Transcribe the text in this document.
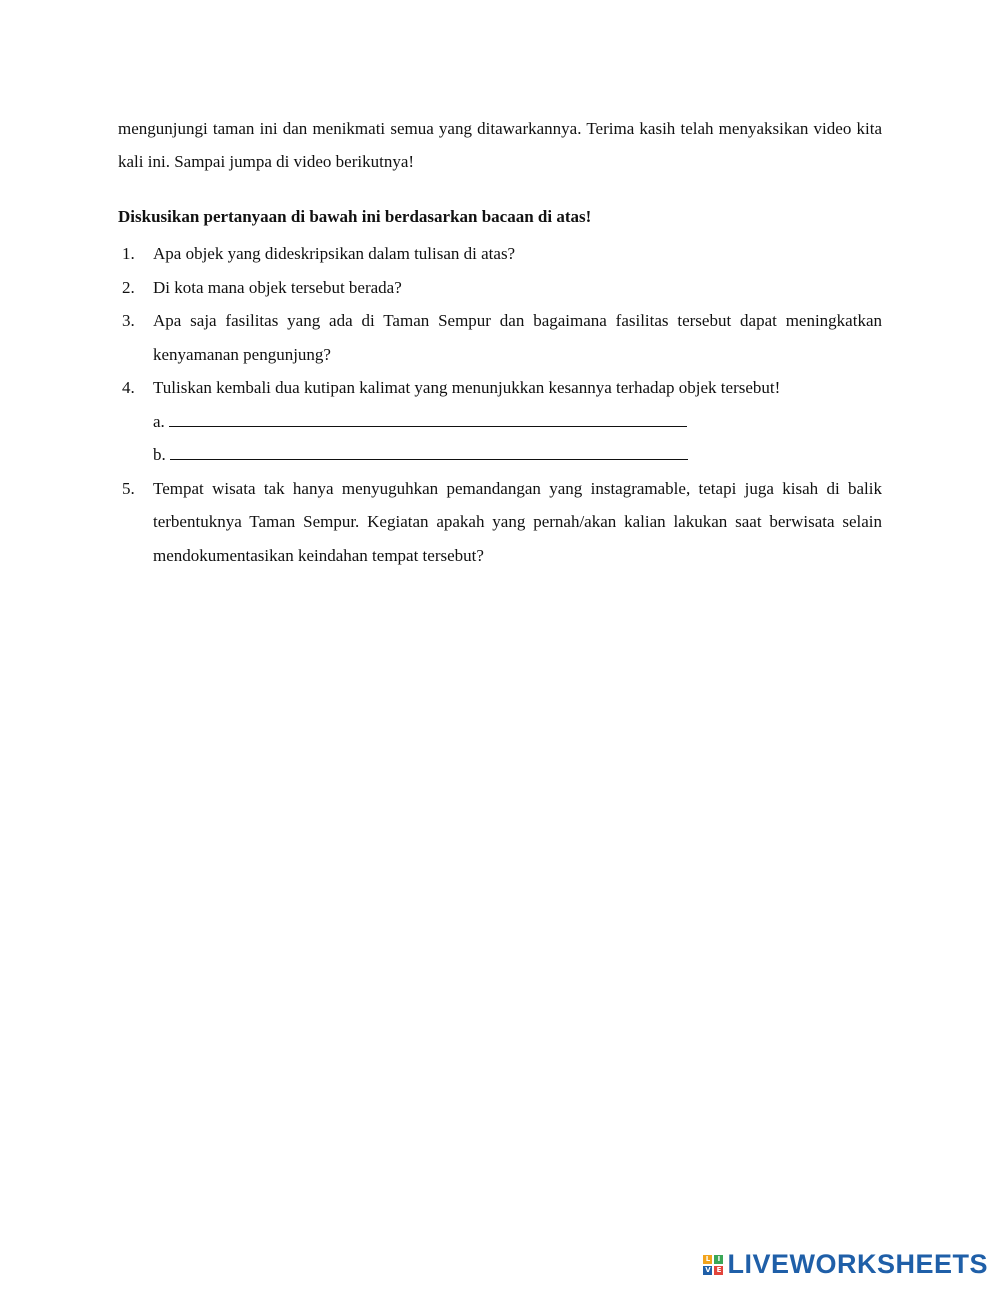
mengunjungi taman ini dan menikmati semua yang ditawarkannya. Terima kasih telah menyaksikan video kita kali ini. Sampai jumpa di video berikutnya!

Diskusikan pertanyaan di bawah ini berdasarkan bacaan di atas!
1. Apa objek yang dideskripsikan dalam tulisan di atas?
2. Di kota mana objek tersebut berada?
3. Apa saja fasilitas yang ada di Taman Sempur dan bagaimana fasilitas tersebut dapat meningkatkan kenyamanan pengunjung?
4. Tuliskan kembali dua kutipan kalimat yang menunjukkan kesannya terhadap objek tersebut!
a.
b.
5. Tempat wisata tak hanya menyuguhkan pemandangan yang instagramable, tetapi juga kisah di balik terbentuknya Taman Sempur. Kegiatan apakah yang pernah/akan kalian lakukan saat berwisata selain mendokumentasikan keindahan tempat tersebut?
L	I
V E LIVEWORKSHEETS
